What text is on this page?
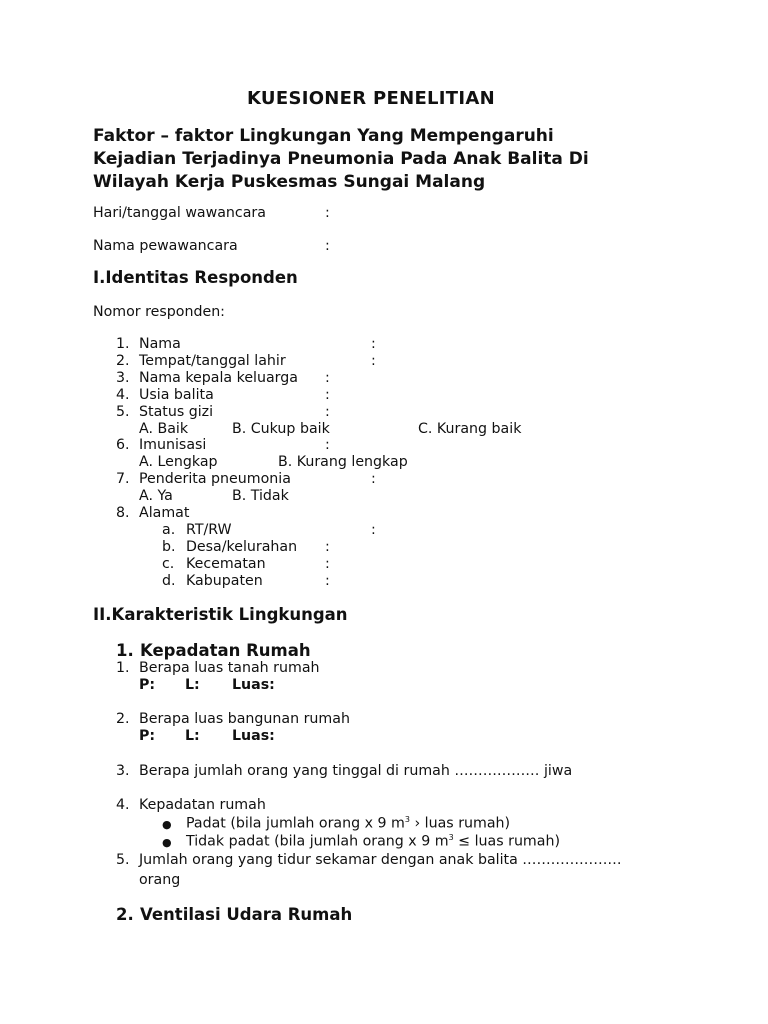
KUESIONER PENELITIAN
Faktor – faktor Lingkungan Yang Mempengaruhi
Kejadian Terjadinya Pneumonia Pada Anak Balita Di
Wilayah Kerja Puskesmas Sungai Malang
Hari/tanggal wawancara	:
Nama pewawancara	:
I.Identitas Responden
Nomor responden:
1. Nama	:
2. Tempat/tanggal lahir	:
3. Nama kepala keluarga :
4. Usia balita	:
5. Status gizi	:
A. Baik	B. Cukup baik	C. Kurang baik
6. Imunisasi	:
A. Lengkap	B. Kurang lengkap
7. Penderita pneumonia	:
A. Ya	B. Tidak
8. Alamat
a. RT/RW	:
b. Desa/kelurahan :
c. Kecematan	:
d. Kabupaten	:
II.Karakteristik Lingkungan
1. Kepadatan Rumah
1. Berapa luas tanah rumah
P: L: Luas:
2. Berapa luas bangunan rumah
P: L: Luas:
3. Berapa jumlah orang yang tinggal di rumah ……………… jiwa
4. Kepadatan rumah
● Padat (bila jumlah orang x 9 $m^3$ › luas rumah)
● Tidak padat (bila jumlah orang x 9 $m^3$ ≤ luas rumah)
5. Jumlah orang yang tidur sekamar dengan anak balita …………………
orang
2. Ventilasi Udara Rumah
